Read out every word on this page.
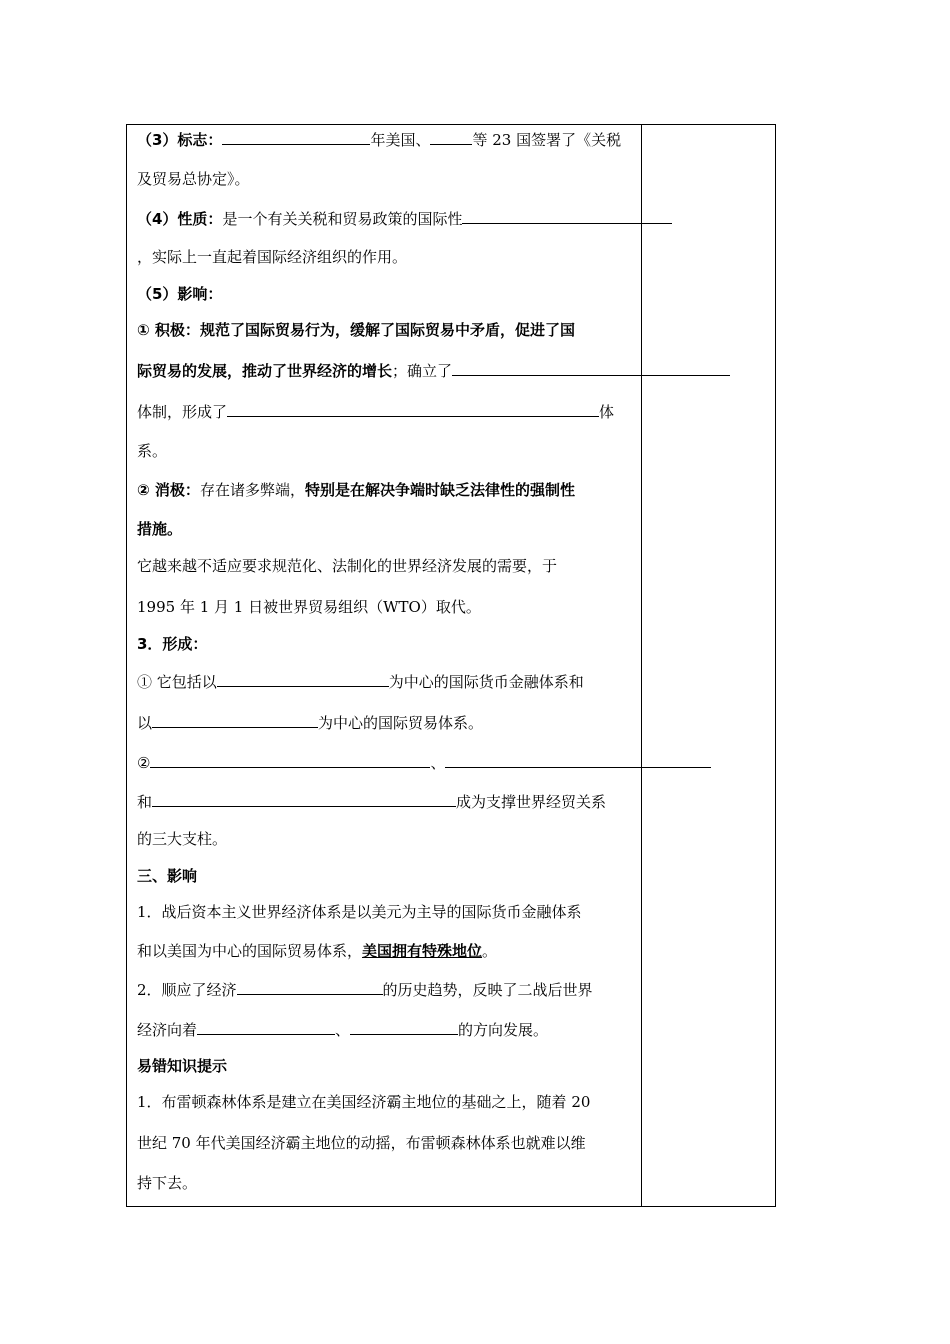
（3）标志：	年美国、	等 23 国签署了《关税
及贸易总协定》。
（4）性质：是一个有关关税和贸易政策的国际性
，实际上一直起着国际经济组织的作用。
（5）影响：
① 积极：规范了国际贸易行为，缓解了国际贸易中矛盾，促进了国
际贸易的发展，推动了世界经济的增长；确立了
体制，形成了	体
系。
② 消极：存在诸多弊端，特别是在解决争端时缺乏法律性的强制性
措施。
它越来越不适应要求规范化、法制化的世界经济发展的需要，于
1995 年 1 月 1 日被世界贸易组织（WTO）取代。
3．形成：
① 它包括以	为中心的国际货币金融体系和
以	为中心的国际贸易体系。
②	、
和	成为支撑世界经贸关系
的三大支柱。
三、影响
1．战后资本主义世界经济体系是以美元为主导的国际货币金融体系
和以美国为中心的国际贸易体系，美国拥有特殊地位。
2．顺应了经济	的历史趋势，反映了二战后世界
经济向着	、	的方向发展。
易错知识提示
1．布雷顿森林体系是建立在美国经济霸主地位的基础之上，随着 20
世纪 70 年代美国经济霸主地位的动摇，布雷顿森林体系也就难以维
持下去。
